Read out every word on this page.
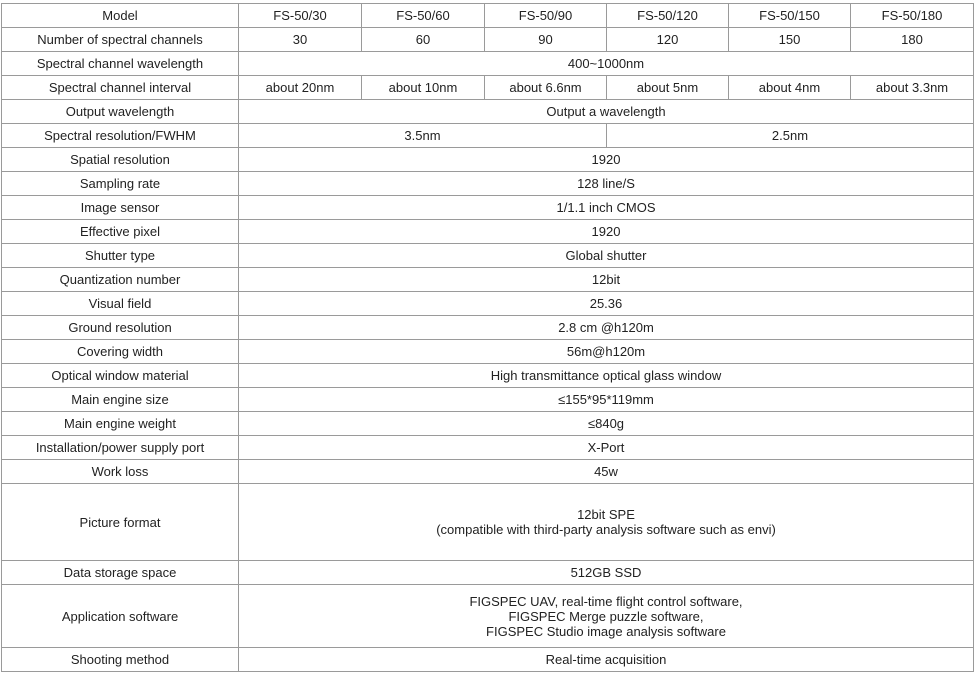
Model	FS-50/30	FS-50/60	FS-50/90	FS-50/120	FS-50/150	FS-50/180
Number of spectral channels	30	60	90	120	150	180
Spectral channel wavelength	400~1000nm					
Spectral channel interval	about 20nm	about 10nm	about 6.6nm	about 5nm	about 4nm	about 3.3nm
Output wavelength	Output a wavelength					
Spectral resolution/FWHM	3.5nm			2.5nm		
Spatial resolution	1920					
Sampling rate	128 line/S					
Image sensor	1/1.1 inch CMOS					
Effective pixel	1920					
Shutter type	Global shutter					
Quantization number	12bit					
Visual field	25.36					
Ground resolution	2.8 cm @h120m					
Covering width	56m@h120m					
Optical window material	High transmittance optical glass window					
Main engine size	≤155*95*119mm					
Main engine weight	≤840g					
Installation/power supply port	X-Port					
Work loss	45w					
Picture format	12bit SPE
(compatible with third-party analysis software such as envi)					

Data storage space	512GB SSD					
Application software	FIGSPEC UAV, real-time flight control software,
FIGSPEC Merge puzzle software,
FIGSPEC Studio image analysis software					

Shooting method	Real-time acquisition					
